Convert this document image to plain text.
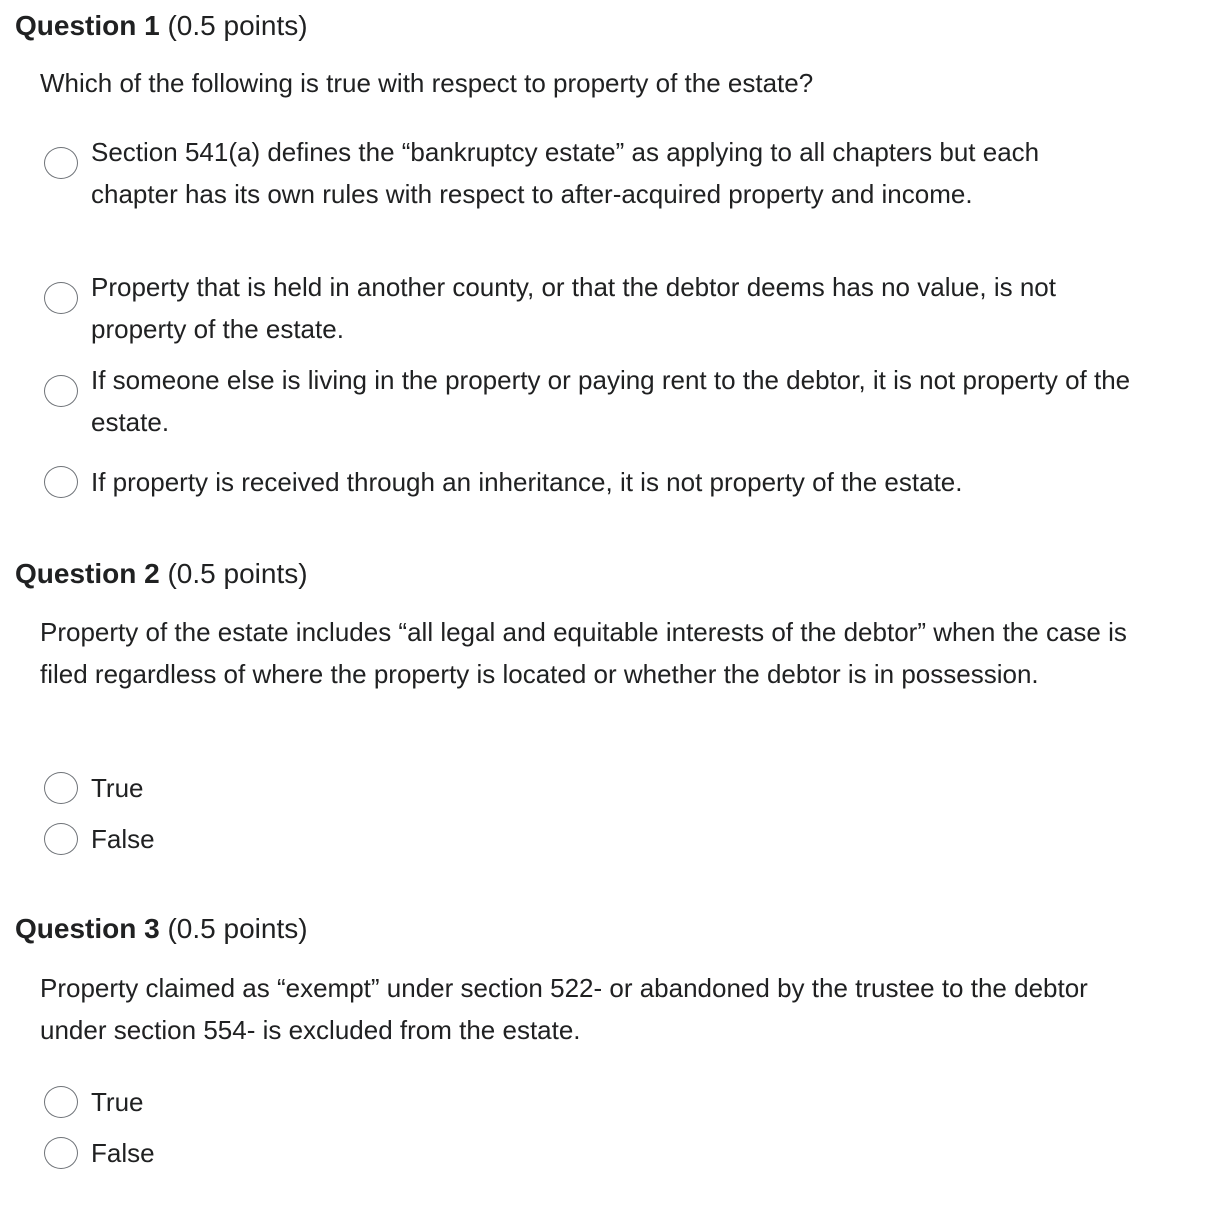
Question 1 (0.5 points)
Which of the following is true with respect to property of the estate?
Section 541(a) defines the “bankruptcy estate” as applying to all chapters but each chapter has its own rules with respect to after-acquired property and income.
Property that is held in another county, or that the debtor deems has no value, is not property of the estate.
If someone else is living in the property or paying rent to the debtor, it is not property of the estate.
If property is received through an inheritance, it is not property of the estate.
Question 2 (0.5 points)
Property of the estate includes “all legal and equitable interests of the debtor” when the case is filed regardless of where the property is located or whether the debtor is in possession.
True
False
Question 3 (0.5 points)
Property claimed as “exempt” under section 522- or abandoned by the trustee to the debtor under section 554- is excluded from the estate.
True
False
